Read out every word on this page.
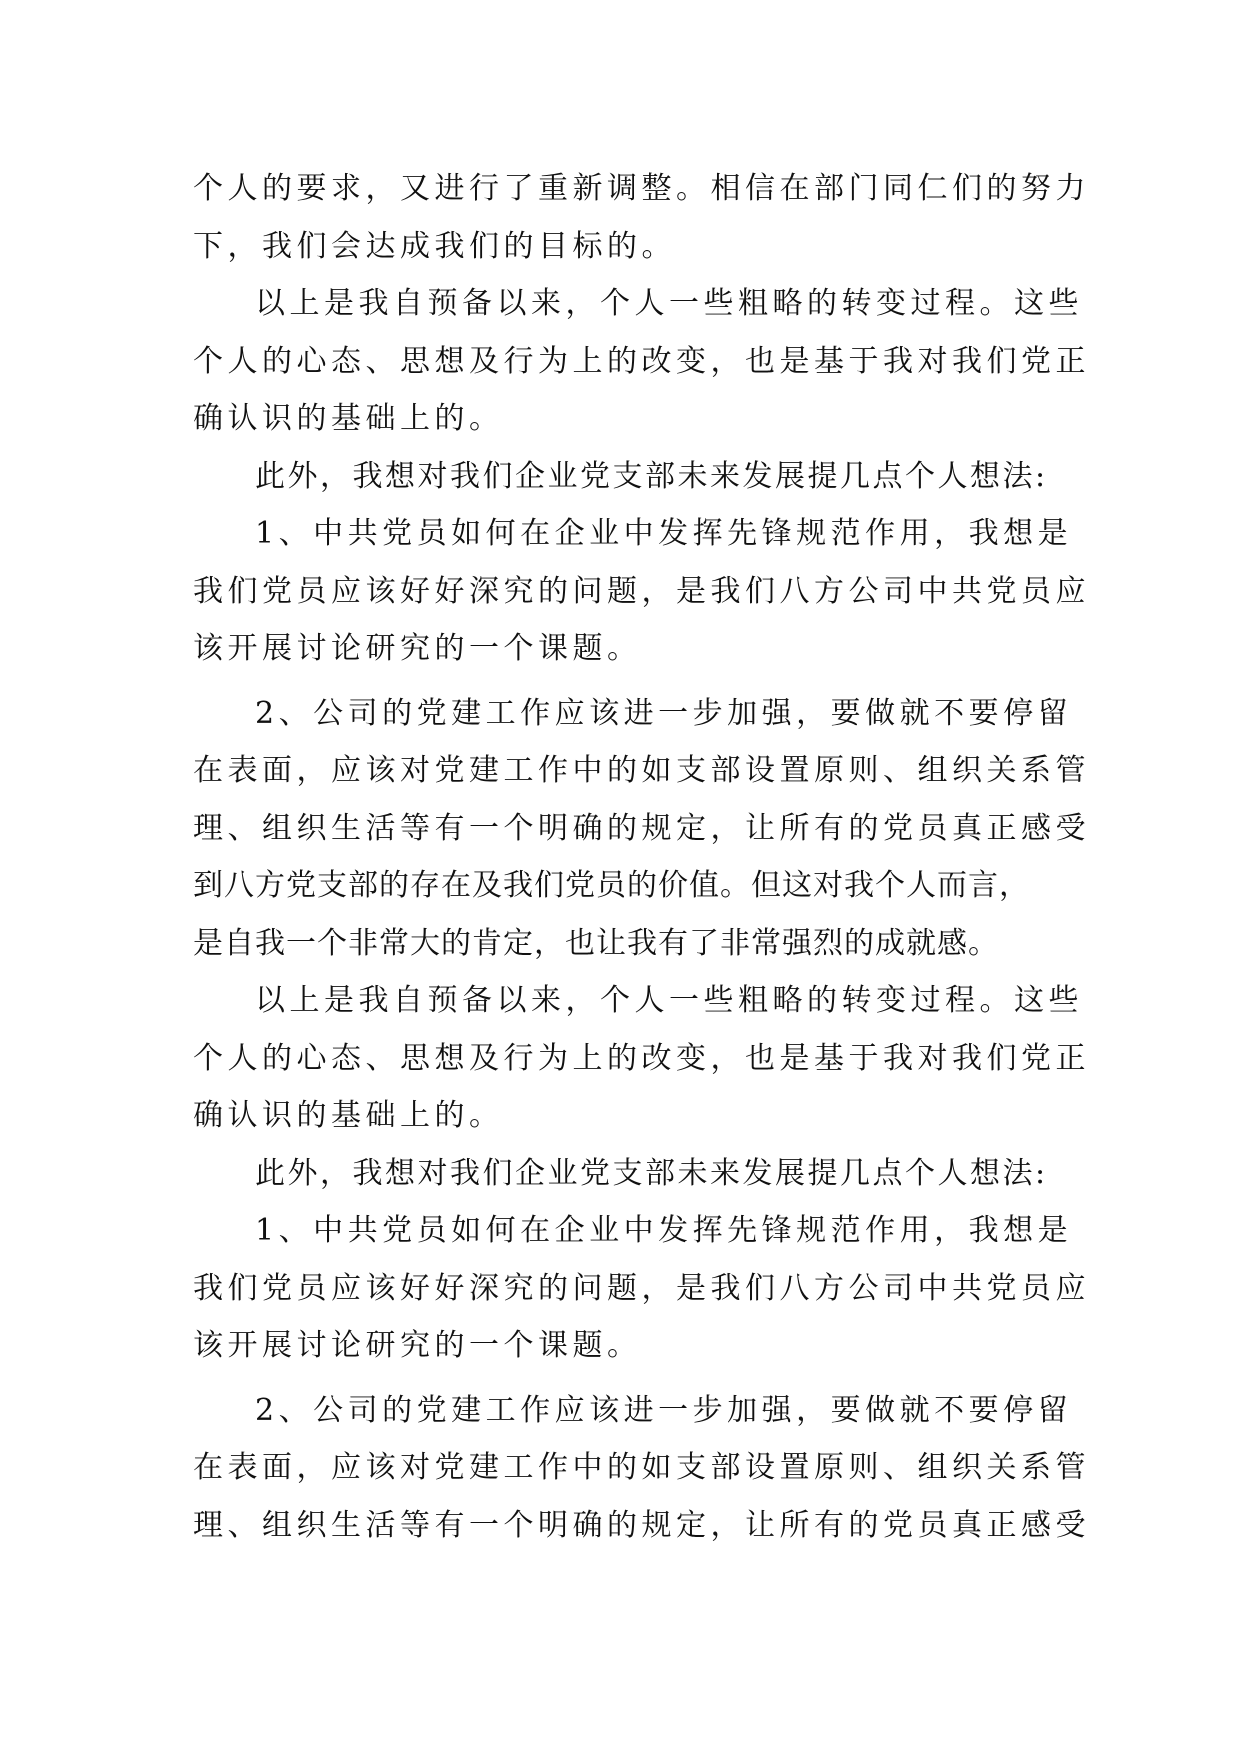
个人的要求，又进行了重新调整。相信在部门同仁们的努力
下，我们会达成我们的目标的。
以上是我自预备以来，个人一些粗略的转变过程。这些
个人的心态、思想及行为上的改变，也是基于我对我们党正
确认识的基础上的。
此外，我想对我们企业党支部未来发展提几点个人想法:
1、中共党员如何在企业中发挥先锋规范作用，我想是
我们党员应该好好深究的问题，是我们八方公司中共党员应
该开展讨论研究的一个课题。
2、公司的党建工作应该进一步加强，要做就不要停留
在表面，应该对党建工作中的如支部设置原则、组织关系管
理、组织生活等有一个明确的规定，让所有的党员真正感受
到八方党支部的存在及我们党员的价值。但这对我个人而言，
是自我一个非常大的肯定，也让我有了非常强烈的成就感。
以上是我自预备以来，个人一些粗略的转变过程。这些
个人的心态、思想及行为上的改变，也是基于我对我们党正
确认识的基础上的。
此外，我想对我们企业党支部未来发展提几点个人想法:
1、中共党员如何在企业中发挥先锋规范作用，我想是
我们党员应该好好深究的问题，是我们八方公司中共党员应
该开展讨论研究的一个课题。
2、公司的党建工作应该进一步加强，要做就不要停留
在表面，应该对党建工作中的如支部设置原则、组织关系管
理、组织生活等有一个明确的规定，让所有的党员真正感受
